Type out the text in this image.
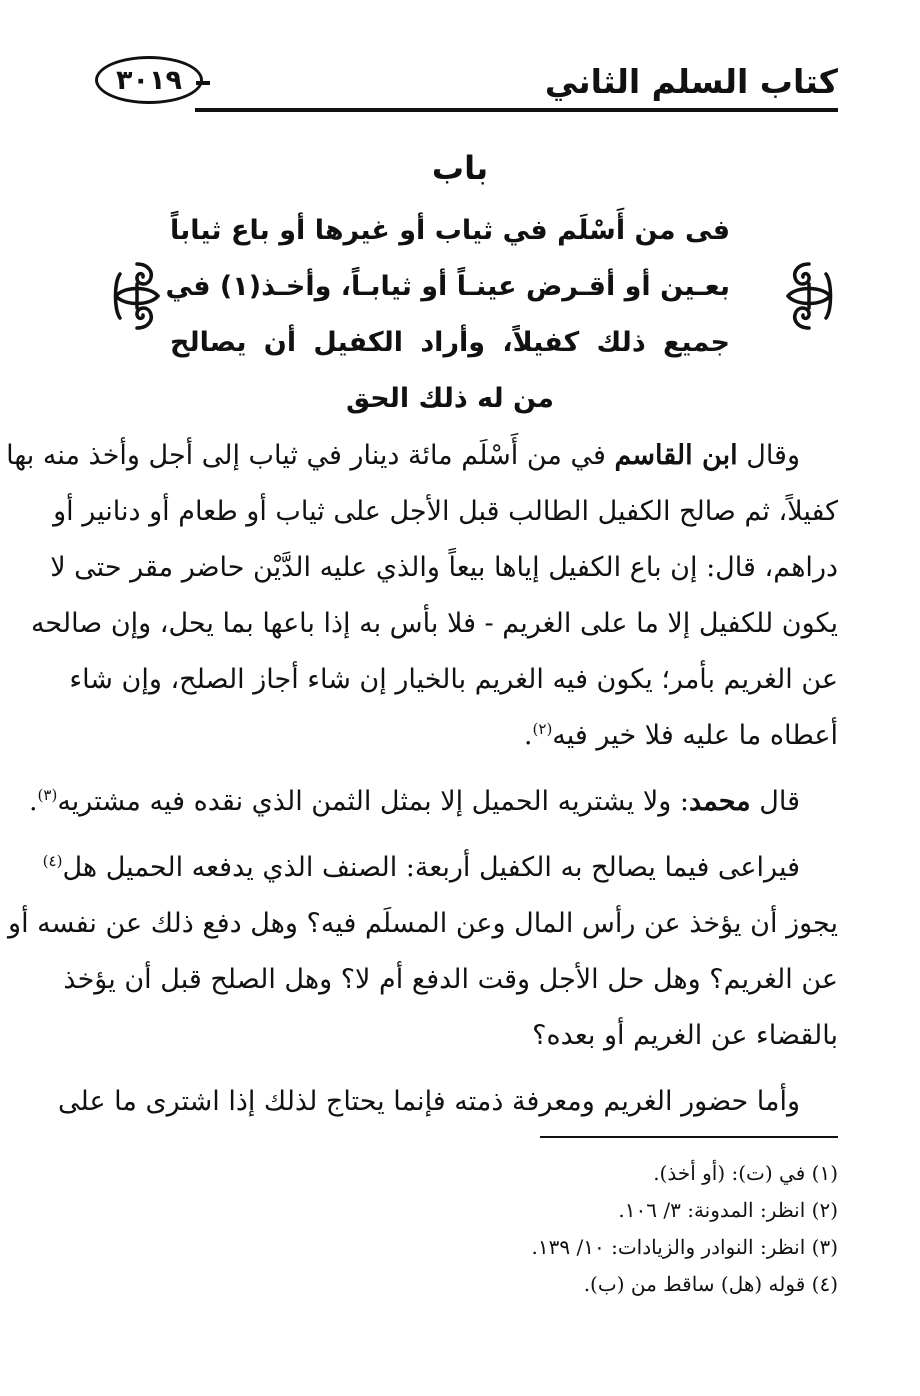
كتاب السلم الثاني
٣٠١٩
باب
فى من أَسْلَم في ثياب أو غيرها أو باع ثياباً
بعـين أو أقـرض عينـاً أو ثيابـاً، وأخـذ(١) في
جميع ذلك كفيلاً، وأراد الكفيل أن يصالح
من له ذلك الحق
وقال ابن القاسم في من أَسْلَم مائة دينار في ثياب إلى أجل وأخذ منه بها
كفيلاً، ثم صالح الكفيل الطالب قبل الأجل على ثياب أو طعام أو دنانير أو
دراهم، قال: إن باع الكفيل إياها بيعاً والذي عليه الدَّيْن حاضر مقر حتى لا
يكون للكفيل إلا ما على الغريم - فلا بأس به إذا باعها بما يحل، وإن صالحه
عن الغريم بأمر؛ يكون فيه الغريم بالخيار إن شاء أجاز الصلح، وإن شاء
أعطاه ما عليه فلا خير فيه$^{(٢)}$.
قال محمد: ولا يشتريه الحميل إلا بمثل الثمن الذي نقده فيه مشتريه$^{(٣)}$.
فيراعى فيما يصالح به الكفيل أربعة: الصنف الذي يدفعه الحميل هل$^{(٤)}$
يجوز أن يؤخذ عن رأس المال وعن المسلَم فيه؟ وهل دفع ذلك عن نفسه أو
عن الغريم؟ وهل حل الأجل وقت الدفع أم لا؟ وهل الصلح قبل أن يؤخذ
بالقضاء عن الغريم أو بعده؟
وأما حضور الغريم ومعرفة ذمته فإنما يحتاج لذلك إذا اشترى ما على
(١) في (ت): (أو أخذ).
(٢) انظر: المدونة: ٣/ ١٠٦.
(٣) انظر: النوادر والزيادات: ١٠/ ١٣٩.
(٤) قوله (هل) ساقط من (ب).
